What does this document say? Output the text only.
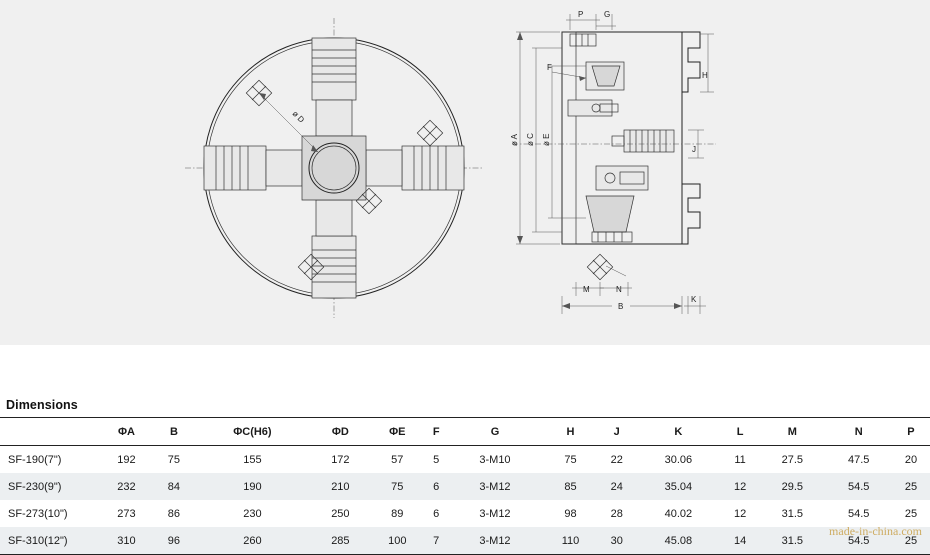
ø D
P	G
F
H
J
ø A ø C ø E
M	N
B
K
Dimensions
	ΦA	B	ΦC(H6)	ΦD	ΦE	F	G	H	J	K	L	M	N	P
SF-190(7")	192	75	155	172	57	5	3-M10	75	22	30.06	11	27.5	47.5	20
SF-230(9")	232	84	190	210	75	6	3-M12	85	24	35.04	12	29.5	54.5	25
SF-273(10")	273	86	230	250	89	6	3-M12	98	28	40.02	12	31.5	54.5	25
SF-310(12")	310	96	260	285	100	7	3-M12	110	30	45.08	14	31.5	54.5	25
made-in-china.com
